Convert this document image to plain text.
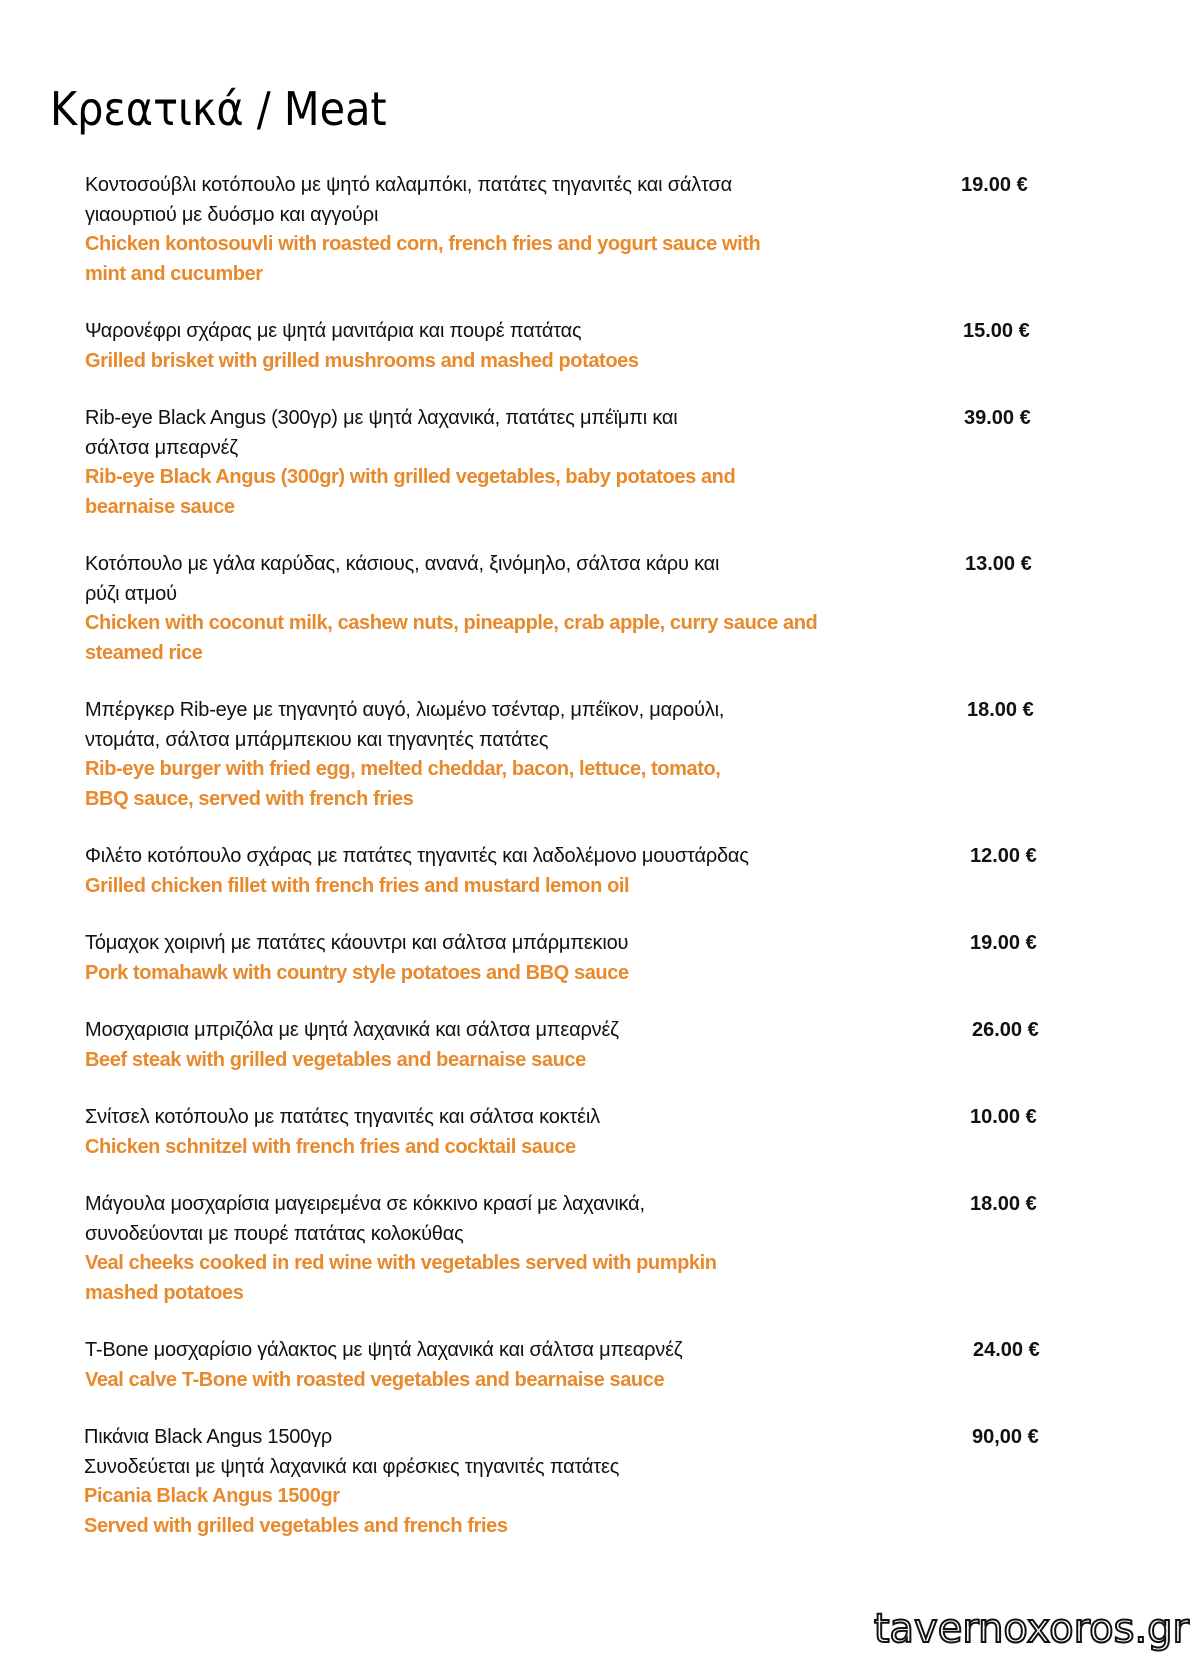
Κρεατικά / Meat
Κοντοσούβλι κοτόπουλο με ψητό καλαμπόκι, πατάτες τηγανιτές και σάλτσα
γιαουρτιού με δυόσμο και αγγούρι
Chicken kontosouvli with roasted corn, french fries and yogurt sauce with
mint and cucumber
19.00 €
Ψαρονέφρι σχάρας με ψητά μανιτάρια και πουρέ πατάτας
Grilled brisket with grilled mushrooms and mashed potatoes
15.00 €
Rib-eye Black Angus (300γρ) με ψητά λαχανικά, πατάτες μπέϊμπι και
σάλτσα μπεαρνέζ
Rib-eye Black Angus (300gr) with grilled vegetables, baby potatoes and
bearnaise sauce
39.00 €
Κοτόπουλο με γάλα καρύδας, κάσιους, ανανά, ξινόμηλο, σάλτσα κάρυ και
ρύζι ατμού
Chicken with coconut milk, cashew nuts, pineapple, crab apple, curry sauce and
steamed rice
13.00 €
Μπέργκερ Rib-eye με τηγανητό αυγό, λιωμένο τσένταρ, μπέϊκον, μαρούλι,
ντομάτα, σάλτσα μπάρμπεκιου και τηγανητές πατάτες
Rib-eye burger with fried egg, melted cheddar, bacon, lettuce, tomato,
BBQ sauce, served with french fries
18.00 €
Φιλέτο κοτόπουλο σχάρας με πατάτες τηγανιτές και λαδολέμονο μουστάρδας
Grilled chicken fillet with french fries and mustard lemon oil
12.00 €
Τόμαχοκ χοιρινή με πατάτες κάουντρι και σάλτσα μπάρμπεκιου
Pork tomahawk with country style potatoes and BBQ sauce
19.00 €
Μοσχαρισια μπριζόλα με ψητά λαχανικά και σάλτσα μπεαρνέζ
Beef steak with grilled vegetables and bearnaise sauce
26.00 €
Σνίτσελ κοτόπουλο με πατάτες τηγανιτές και σάλτσα κοκτέιλ
Chicken schnitzel with french fries and cocktail sauce
10.00 €
Μάγουλα μοσχαρίσια μαγειρεμένα σε κόκκινο κρασί με λαχανικά,
συνοδεύονται με πουρέ πατάτας κολοκύθας
Veal cheeks cooked in red wine with vegetables served with pumpkin
mashed potatoes
18.00 €
T-Bone μοσχαρίσιο γάλακτος με ψητά λαχανικά και σάλτσα μπεαρνέζ
Veal calve T-Bone with roasted vegetables and bearnaise sauce
24.00 €
Πικάνια Black Angus 1500γρ
Συνοδεύεται με ψητά λαχανικά και φρέσκιες τηγανιτές πατάτες
Picania Black Angus 1500gr
Served with grilled vegetables and french fries
90,00 €
tavernoxoros.gr
